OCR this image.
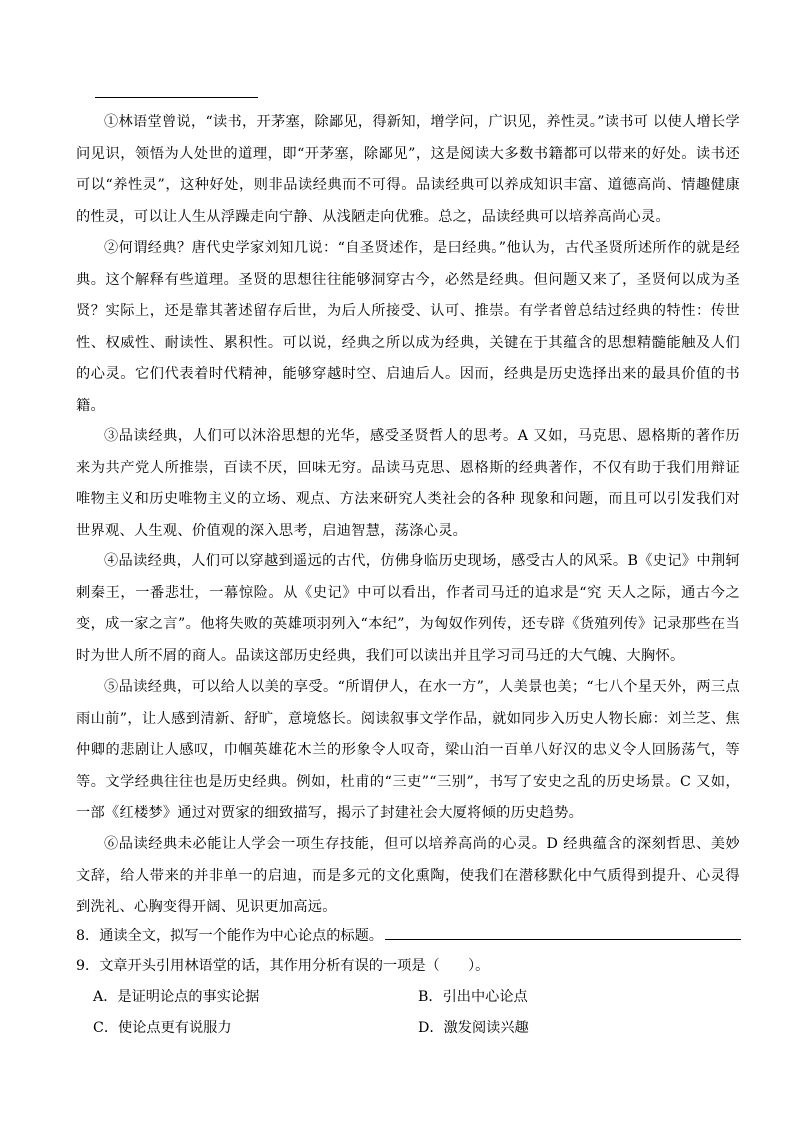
①林语堂曾说，“读书，开茅塞，除鄙见，得新知，增学问，广识见，养性灵。”读书可 以使人增长学问见识，领悟为人处世的道理，即“开茅塞，除鄙见”，这是阅读大多数书籍都可以带来的好处。读书还可以“养性灵”，这种好处，则非品读经典而不可得。品读经典可以养成知识丰富、道德高尚、情趣健康的性灵，可以让人生从浮躁走向宁静、从浅陋走向优雅。总之，品读经典可以培养高尚心灵。

②何谓经典？唐代史学家刘知几说：“自圣贤述作，是曰经典。”他认为，古代圣贤所述所作的就是经典。这个解释有些道理。圣贤的思想往往能够洞穿古今，必然是经典。但问题又来了，圣贤何以成为圣贤？实际上，还是靠其著述留存后世，为后人所接受、认可、推崇。有学者曾总结过经典的特性：传世性、权威性、耐读性、累积性。可以说，经典之所以成为经典，关键在于其蕴含的思想精髓能触及人们的心灵。它们代表着时代精神，能够穿越时空、启迪后人。因而，经典是历史选择出来的最具价值的书籍。

③品读经典，人们可以沐浴思想的光华，感受圣贤哲人的思考。A 又如，马克思、恩格斯的著作历来为共产党人所推崇，百读不厌，回味无穷。品读马克思、恩格斯的经典著作，不仅有助于我们用辩证唯物主义和历史唯物主义的立场、观点、方法来研究人类社会的各种 现象和问题，而且可以引发我们对世界观、人生观、价值观的深入思考，启迪智慧，荡涤心灵。

④品读经典，人们可以穿越到遥远的古代，仿佛身临历史现场，感受古人的风采。B《史记》中荆轲刺秦王，一番悲壮，一幕惊险。从《史记》中可以看出，作者司马迁的追求是“究 天人之际，通古今之变，成一家之言”。他将失败的英雄项羽列入“本纪”，为匈奴作列传，还专辟《货殖列传》记录那些在当时为世人所不屑的商人。品读这部历史经典，我们可以读出并且学习司马迁的大气魄、大胸怀。

⑤品读经典，可以给人以美的享受。“所谓伊人，在水一方”，人美景也美；“七八个星天外，两三点雨山前”，让人感到清新、舒旷，意境悠长。阅读叙事文学作品，就如同步入历史人物长廊：刘兰芝、焦仲卿的悲剧让人感叹，巾帼英雄花木兰的形象令人叹奇，梁山泊一百单八好汉的忠义令人回肠荡气，等等。文学经典往往也是历史经典。例如，杜甫的“三吏”“三别”，书写了安史之乱的历史场景。C 又如，一部《红楼梦》通过对贾家的细致描写，揭示了封建社会大厦将倾的历史趋势。

⑥品读经典未必能让人学会一项生存技能，但可以培养高尚的心灵。D 经典蕴含的深刻哲思、美妙文辞，给人带来的并非单一的启迪，而是多元的文化熏陶，使我们在潜移默化中气质得到提升、心灵得到洗礼、心胸变得开阔、见识更加高远。

8．通读全文，拟写一个能作为中心论点的标题。

9．文章开头引用林语堂的话，其作用分析有误的一项是（　　）。

A．是证明论点的事实论据	B．引出中心论点

C．使论点更有说服力	D．激发阅读兴趣
